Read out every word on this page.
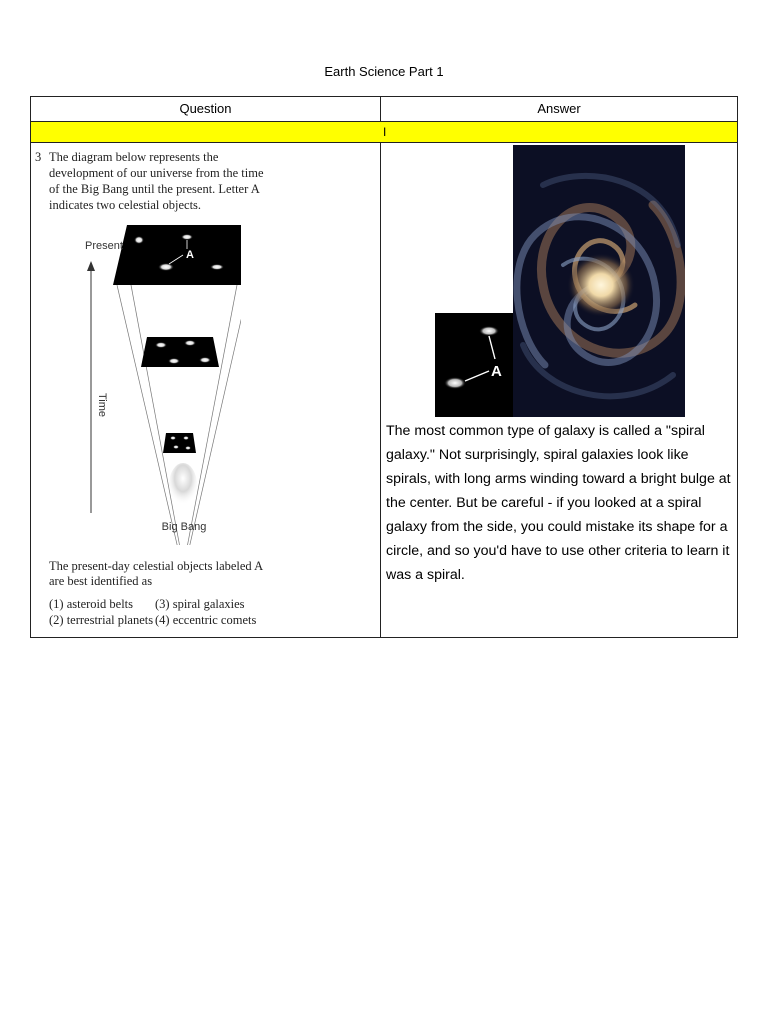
Earth Science Part 1
Question	Answer
I
3 The diagram below represents the development of our universe from the time of the Big Bang until the present. Letter A indicates two celestial objects.
A
Present
Time
Big Bang
The present-day celestial objects labeled A are best identified as
(1) asteroid belts
(2) terrestrial planets
(3) spiral galaxies
(4) eccentric comets
A
The most common type of galaxy is called a "spiral galaxy." Not surprisingly, spiral galaxies look like spirals, with long arms winding toward a bright bulge at the center. But be careful - if you looked at a spiral galaxy from the side, you could mistake its shape for a circle, and so you'd have to use other criteria to learn it was a spiral.
